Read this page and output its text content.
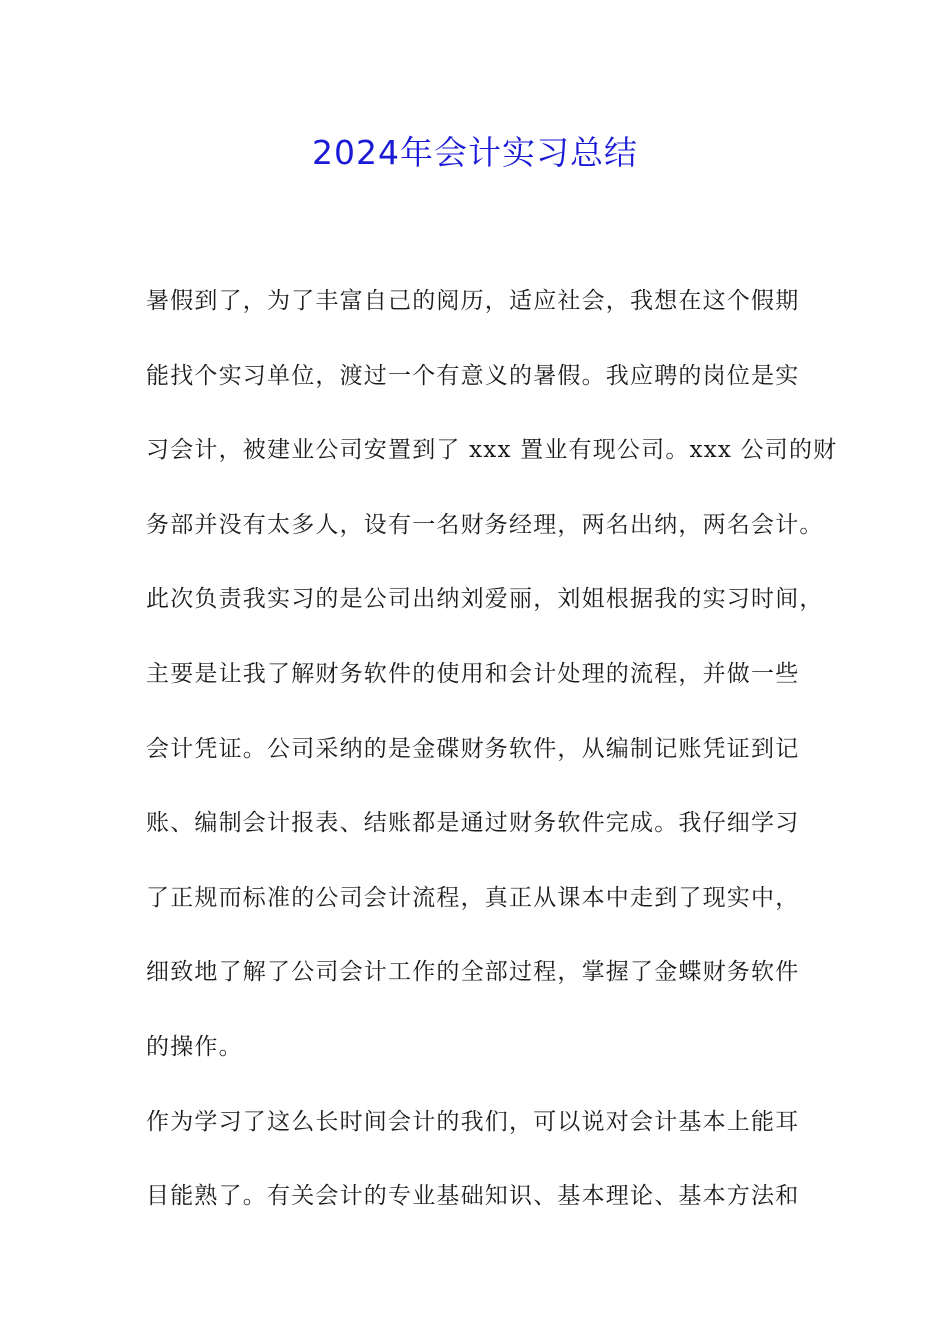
2024年会计实习总结
暑假到了，为了丰富自己的阅历，适应社会，我想在这个假期
能找个实习单位，渡过一个有意义的暑假。我应聘的岗位是实
习会计，被建业公司安置到了 xxx 置业有现公司。xxx 公司的财
务部并没有太多人，设有一名财务经理，两名出纳，两名会计。
此次负责我实习的是公司出纳刘爱丽，刘姐根据我的实习时间，
主要是让我了解财务软件的使用和会计处理的流程，并做一些
会计凭证。公司采纳的是金碟财务软件，从编制记账凭证到记
账、编制会计报表、结账都是通过财务软件完成。我仔细学习
了正规而标准的公司会计流程，真正从课本中走到了现实中，
细致地了解了公司会计工作的全部过程，掌握了金蝶财务软件
的操作。
作为学习了这么长时间会计的我们，可以说对会计基本上能耳
目能熟了。有关会计的专业基础知识、基本理论、基本方法和
